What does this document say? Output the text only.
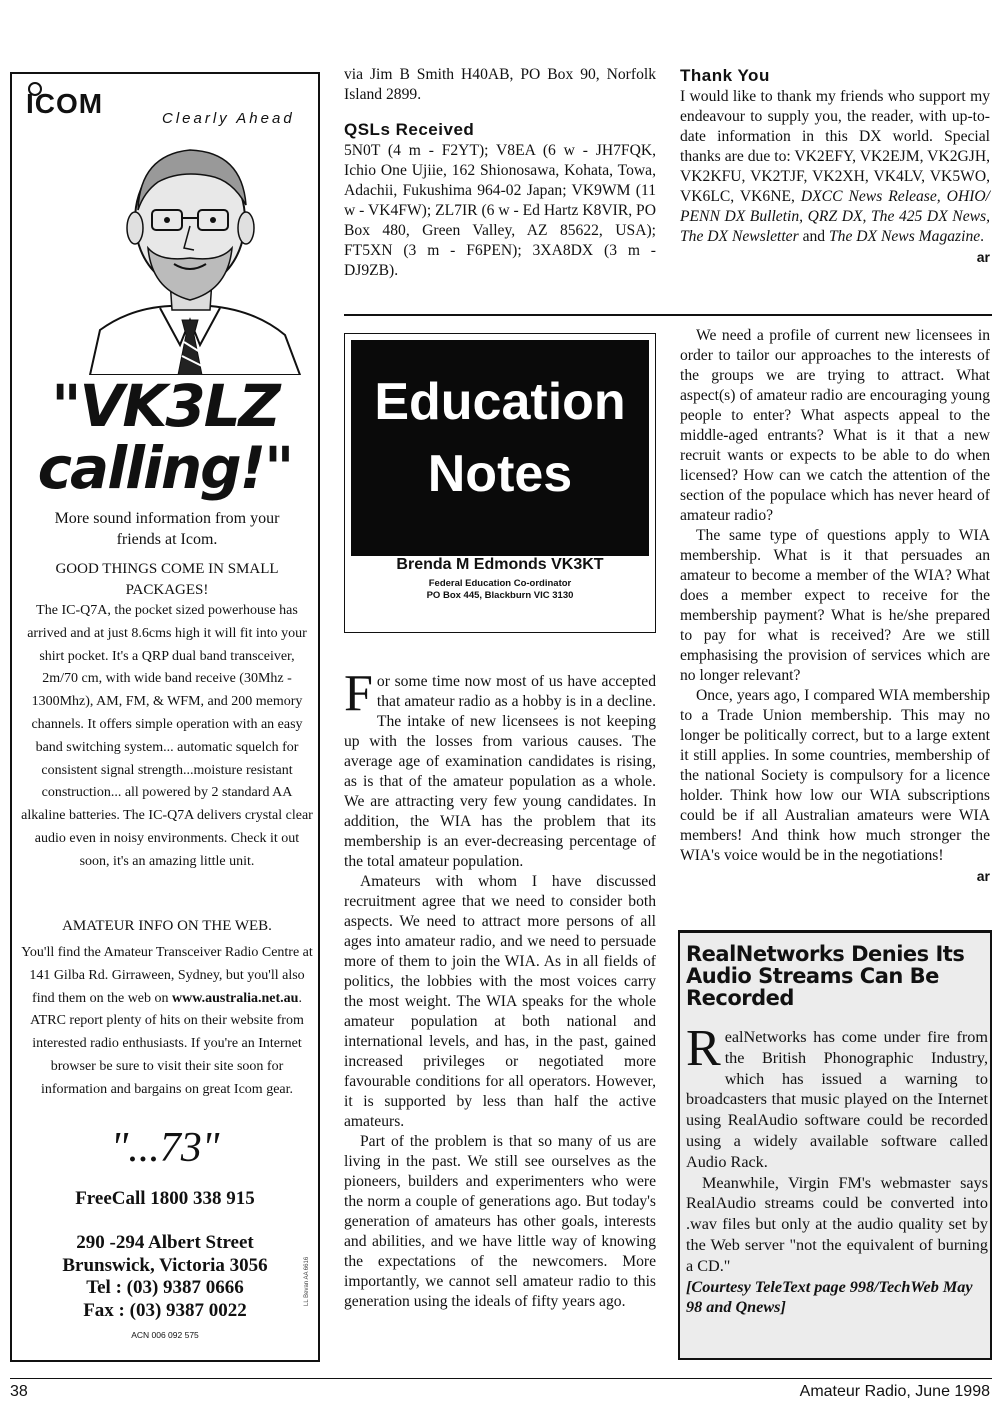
ICOM	Clearly Ahead
"VK3LZ
calling!"

More sound information from your friends at Icom.

GOOD THINGS COME IN SMALL PACKAGES!

The IC-Q7A, the pocket sized powerhouse has arrived and at just 8.6cms high it will fit into your shirt pocket. It's a QRP dual band transceiver, 2m/70 cm, with wide band receive (30Mhz - 1300Mhz), AM, FM, & WFM, and 200 memory channels. It offers simple operation with an easy band switching system... automatic squelch for consistent signal strength...moisture resistant construction... all powered by 2 standard AA alkaline batteries. The IC-Q7A delivers crystal clear audio even in noisy environments. Check it out soon, it's an amazing little unit.

AMATEUR INFO ON THE WEB.

You'll find the Amateur Transceiver Radio Centre at 141 Gilba Rd. Girraween, Sydney, but you'll also find them on the web on www.australia.net.au. ATRC report plenty of hits on their website from interested radio enthusiasts. If you're an Internet browser be sure to visit their site soon for information and bargains on great Icom gear.

"...73"
FreeCall 1800 338 915
290 -294 Albert Street
Brunswick, Victoria 3056
Tel : (03) 9387 0666
Fax : (03) 9387 0022
ACN 006 092 575
LL Bevan AA 6616

via Jim B Smith H40AB, PO Box 90, Norfolk Island 2899.

QSLs Received

5N0T (4 m - F2YT); V8EA (6 w - JH7FQK, Ichio One Ujiie, 162 Shionosawa, Kohata, Towa, Adachii, Fukushima 964-02 Japan; VK9WM (11 w - VK4FW); ZL7IR (6 w - Ed Hartz K8VIR, PO Box 480, Green Valley, AZ 85622, USA); FT5XN (3 m - F6PEN); 3XA8DX (3 m - DJ9ZB).

Thank You

I would like to thank my friends who support my endeavour to supply you, the reader, with up-to-date information in this DX world. Special thanks are due to: VK2EFY, VK2EJM, VK2GJH, VK2KFU, VK2TJF, VK2XH, VK4LV, VK5WO, VK6LC, VK6NE, DXCC News Release, OHIO/ PENN DX Bulletin, QRZ DX, The 425 DX News, The DX Newsletter and The DX News Magazine.
ar

Education
Notes
Brenda M Edmonds VK3KT
Federal Education Co-ordinator
PO Box 445, Blackburn VIC 3130

For some time now most of us have accepted that amateur radio as a hobby is in a decline. The intake of new licensees is not keeping up with the losses from various causes. The average age of examination candidates is rising, as is that of the amateur population as a whole. We are attracting very few young candidates. In addition, the WIA has the problem that its membership is an ever-decreasing percentage of the total amateur population.

Amateurs with whom I have discussed recruitment agree that we need to consider both aspects. We need to attract more persons of all ages into amateur radio, and we need to persuade more of them to join the WIA. As in all fields of politics, the lobbies with the most voices carry the most weight. The WIA speaks for the whole amateur population at both national and international levels, and has, in the past, gained increased privileges or negotiated more favourable conditions for all operators. However, it is supported by less than half the active amateurs.

Part of the problem is that so many of us are living in the past. We still see ourselves as the pioneers, builders and experimenters who were the norm a couple of generations ago. But today's generation of amateurs has other goals, interests and abilities, and we have little way of knowing the expectations of the newcomers. More importantly, we cannot sell amateur radio to this generation using the ideals of fifty years ago.

We need a profile of current new licensees in order to tailor our approaches to the interests of the groups we are trying to attract. What aspect(s) of amateur radio are encouraging young people to enter? What aspects appeal to the middle-aged entrants? What is it that a new recruit wants or expects to be able to do when licensed? How can we catch the attention of the section of the populace which has never heard of amateur radio?

The same type of questions apply to WIA membership. What is it that persuades an amateur to become a member of the WIA? What does a member expect to receive for the membership payment? What is he/she prepared to pay for what is received? Are we still emphasising the provision of services which are no longer relevant?

Once, years ago, I compared WIA membership to a Trade Union membership. This may no longer be politically correct, but to a large extent it still applies. In some countries, membership of the national Society is compulsory for a licence holder. Think how low our WIA subscriptions could be if all Australian amateurs were WIA members! And think how much stronger the WIA's voice would be in the negotiations!

ar

RealNetworks Denies Its Audio Streams Can Be Recorded

RealNetworks has come under fire from the British Phonographic Industry, which has issued a warning to broadcasters that music played on the Internet using RealAudio software could be recorded using a widely available software called Audio Rack.

Meanwhile, Virgin FM's webmaster says RealAudio streams could be converted into .wav files but only at the audio quality set by the Web server "not the equivalent of burning a CD."

[Courtesy TeleText page 998/TechWeb May 98 and Qnews]

38	Amateur Radio, June 1998
